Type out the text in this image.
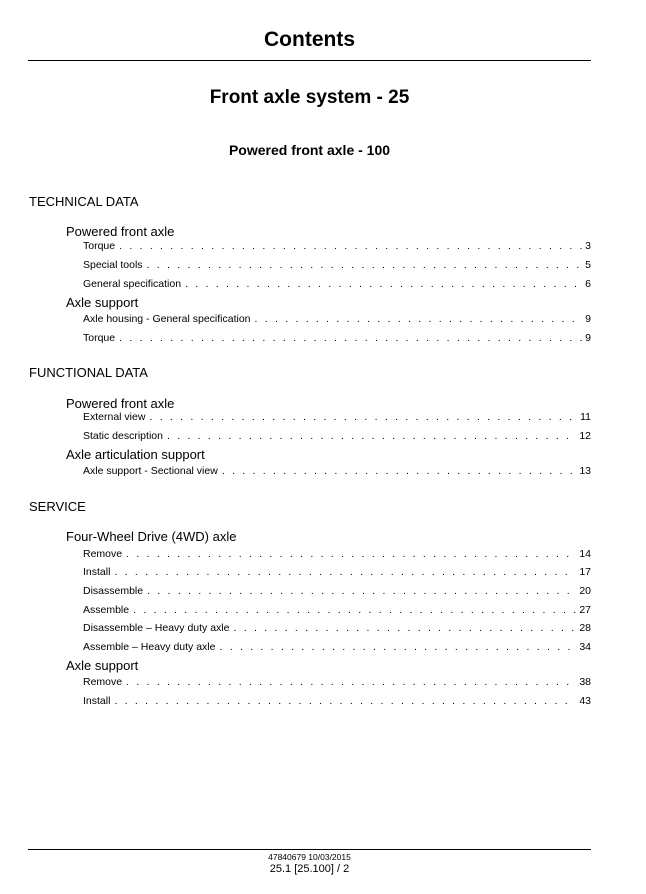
Contents
Front axle system - 25
Powered front axle - 100
TECHNICAL DATA
Powered front axle
Torque . . .	3
Special tools . . .	5
General specification . . .	6
Axle support
Axle housing - General specification . . .	9
Torque . . .	9
FUNCTIONAL DATA
Powered front axle
External view . . .	11
Static description . . .	12
Axle articulation support
Axle support - Sectional view . . .	13
SERVICE
Four-Wheel Drive (4WD) axle
Remove . . .	14
Install . . .	17
Disassemble . . .	20
Assemble . . .	27
Disassemble – Heavy duty axle . . .	28
Assemble – Heavy duty axle . . .	34
Axle support
Remove . . .	38
Install . . .	43
47840679 10/03/2015
25.1 [25.100] / 2
